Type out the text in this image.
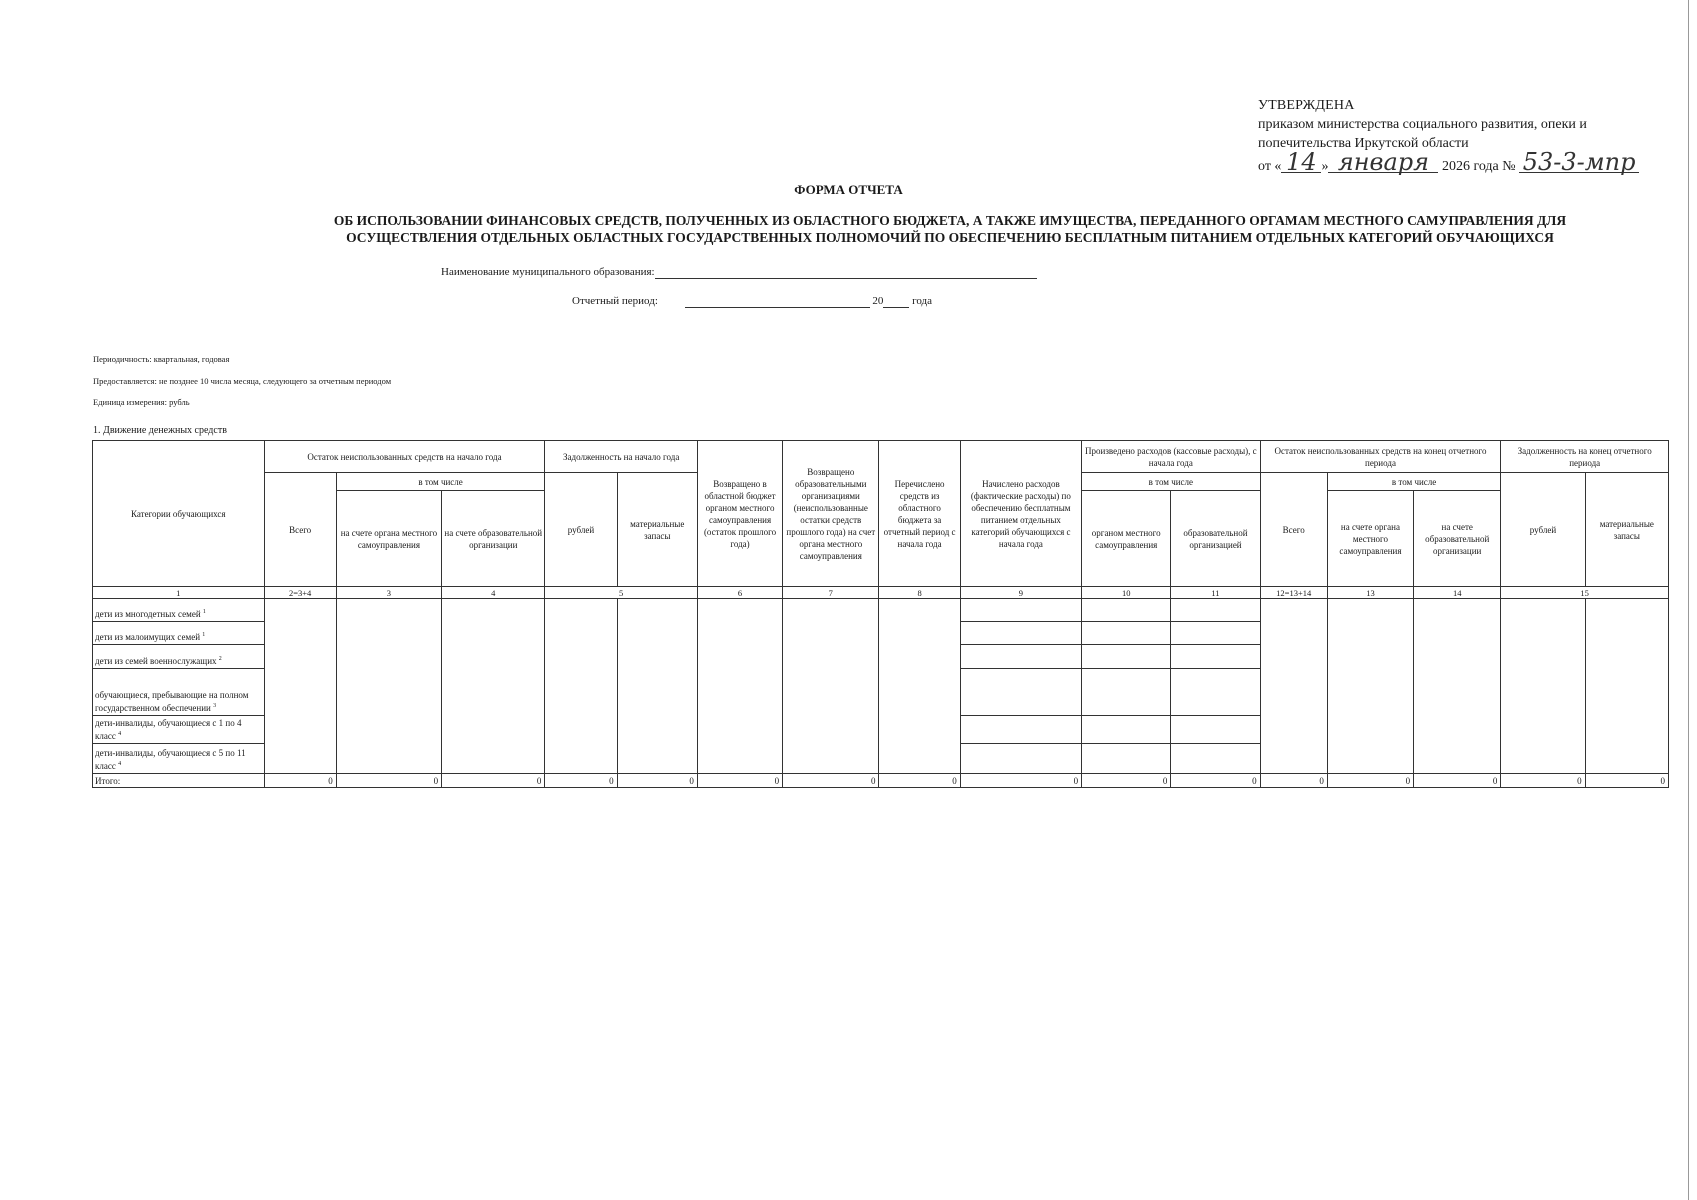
УТВЕРЖДЕНА
приказом министерства социального развития, опеки и
попечительства Иркутской области
от « 14 » января 2026 года № 53-3-мпр
ФОРМА ОТЧЕТА
ОБ ИСПОЛЬЗОВАНИИ ФИНАНСОВЫХ СРЕДСТВ, ПОЛУЧЕННЫХ ИЗ ОБЛАСТНОГО БЮДЖЕТА, А ТАКЖЕ ИМУЩЕСТВА, ПЕРЕДАННОГО ОРГАМАМ МЕСТНОГО САМУПРАВЛЕНИЯ ДЛЯ
ОСУЩЕСТВЛЕНИЯ ОТДЕЛЬНЫХ ОБЛАСТНЫХ ГОСУДАРСТВЕННЫХ ПОЛНОМОЧИЙ ПО ОБЕСПЕЧЕНИЮ БЕСПЛАТНЫМ ПИТАНИЕМ ОТДЕЛЬНЫХ КАТЕГОРИЙ ОБУЧАЮЩИХСЯ
Наименование муниципального образования:
Отчетный период:	20	года
Периодичность: квартальная, годовая
Предоставляется: не позднее 10 числа месяца, следующего за отчетным периодом
Единица измерения: рубль
1. Движение денежных средств
Категории обучающихся	Остаток неиспользованных средств на начало года			Задолженность на начало года		Возвращено в областной бюджет органом местного самоуправления (остаток прошлого года)	Возвращено образовательными организациями (неиспользованные остатки средств прошлого года) на счет органа местного самоуправления	Перечислено средств из областного бюджета за отчетный период с начала года	Начислено расходов (фактические расходы) по обеспечению бесплатным питанием отдельных категорий обучающихся с начала года	Произведено расходов (кассовые расходы), с начала года		Остаток неиспользованных средств на конец отчетного периода			Задолженность на конец отчетного периода	
	Всего	в том числе		рублей	материальные запасы					в том числе		Всего	в том числе		рублей	материальные запасы
		на счете органа местного самоуправления	на счете образовательной организации							органом местного самоуправления	образовательной организацией		на счете органа местного самоуправления	на счете образовательной организации		
1	2=3+4	3	4	5		6	7	8	9	10	11	12=13+14	13	14	15	
дети из многодетных семей $^1$																
дети из малоимущих семей $^1$			
дети из семей военнослужащих $^2$			
обучающиеся, пребывающие на полном государственном обеспечении $^3$			
дети-инвалиды, обучающиеся с 1 по 4 класс $^4$			
дети-инвалиды, обучающиеся с 5 по 11 класс $^4$			
Итого:	0	0	0	0	0	0	0	0	0	0	0	0	0	0	0	0
